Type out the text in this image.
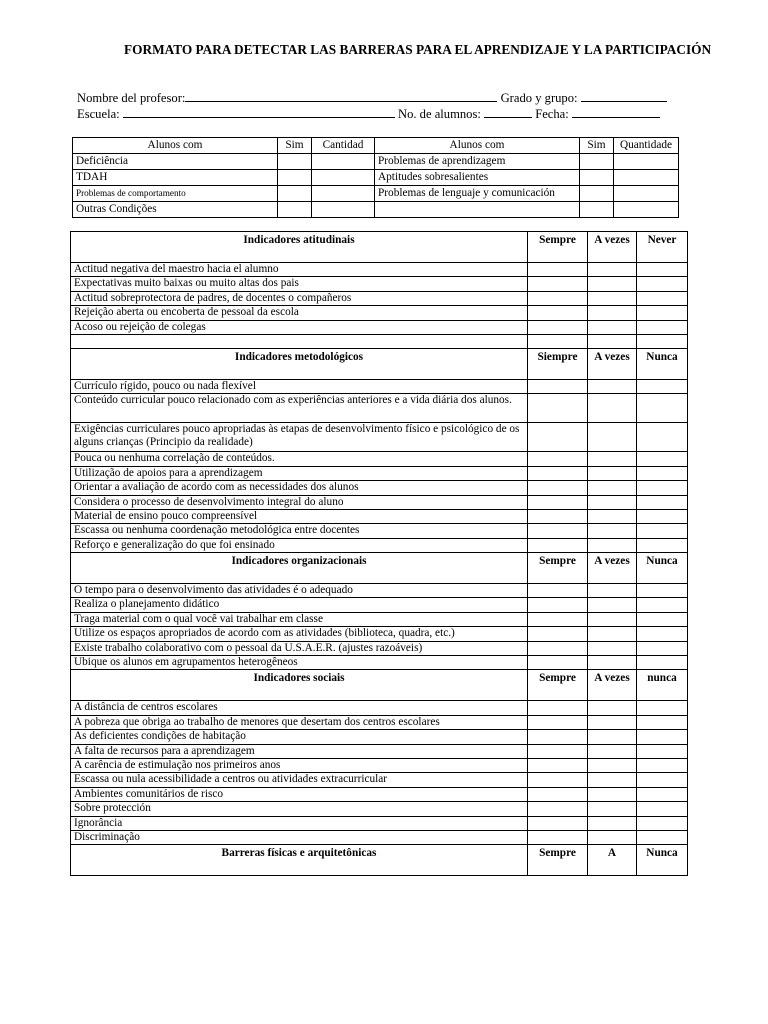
FORMATO PARA DETECTAR LAS BARRERAS PARA EL APRENDIZAJE Y LA PARTICIPACIÓN
Nombre del profesor:	Grado y grupo:
Escuela:	No. de alumnos:	Fecha:
Alunos com	Sim	Cantidad	Alunos com	Sim	Quantidade
Deficiência			Problemas de aprendizagem		
TDAH			Aptitudes sobresalientes		
Problemas de comportamento			Problemas de lenguaje y comunicación		
Outras Condições					
Indicadores atitudinais	Sempre	A vezes	Never
Actitud negativa del maestro hacia el alumno			
Expectativas muito baixas ou muito altas dos pais			
Actitud sobreprotectora de padres, de docentes o compañeros			
Rejeição aberta ou encoberta de pessoal da escola			
Acoso ou rejeição de colegas			

Indicadores metodológicos	Siempre	A vezes	Nunca
Currículo rígido, pouco ou nada flexível			
Conteúdo curricular pouco relacionado com as experiências anteriores e a vida diária dos alunos.			
Exigências curriculares pouco apropriadas às etapas de desenvolvimento físico e psicológico de os alguns crianças (Principio da realidade)			
Pouca ou nenhuma correlação de conteúdos.			
Utilização de apoios para a aprendizagem			
Orientar a avaliação de acordo com as necessidades dos alunos			
Considera o processo de desenvolvimento integral do aluno			
Material de ensino pouco compreensível			
Escassa ou nenhuma coordenação metodológica entre docentes			
Reforço e generalização do que foi ensinado			
Indicadores organizacionais	Sempre	A vezes	Nunca
O tempo para o desenvolvimento das atividades é o adequado			
Realiza o planejamento didático			
Traga material com o qual você vai trabalhar em classe			
Utilize os espaços apropriados de acordo com as atividades (biblioteca, quadra, etc.)			
Existe trabalho colaborativo com o pessoal da U.S.A.E.R. (ajustes razoáveis)			
Ubique os alunos em agrupamentos heterogêneos			
Indicadores sociais	Sempre	A vezes	nunca
A distância de centros escolares			
A pobreza que obriga ao trabalho de menores que desertam dos centros escolares			
As deficientes condições de habitação			
A falta de recursos para a aprendizagem			
A carência de estimulação nos primeiros anos			
Escassa ou nula acessibilidade a centros ou atividades extracurricular			
Ambientes comunitários de risco			
Sobre protección			
Ignorância			
Discriminação			
Barreras físicas e arquitetônicas	Sempre	A	Nunca
